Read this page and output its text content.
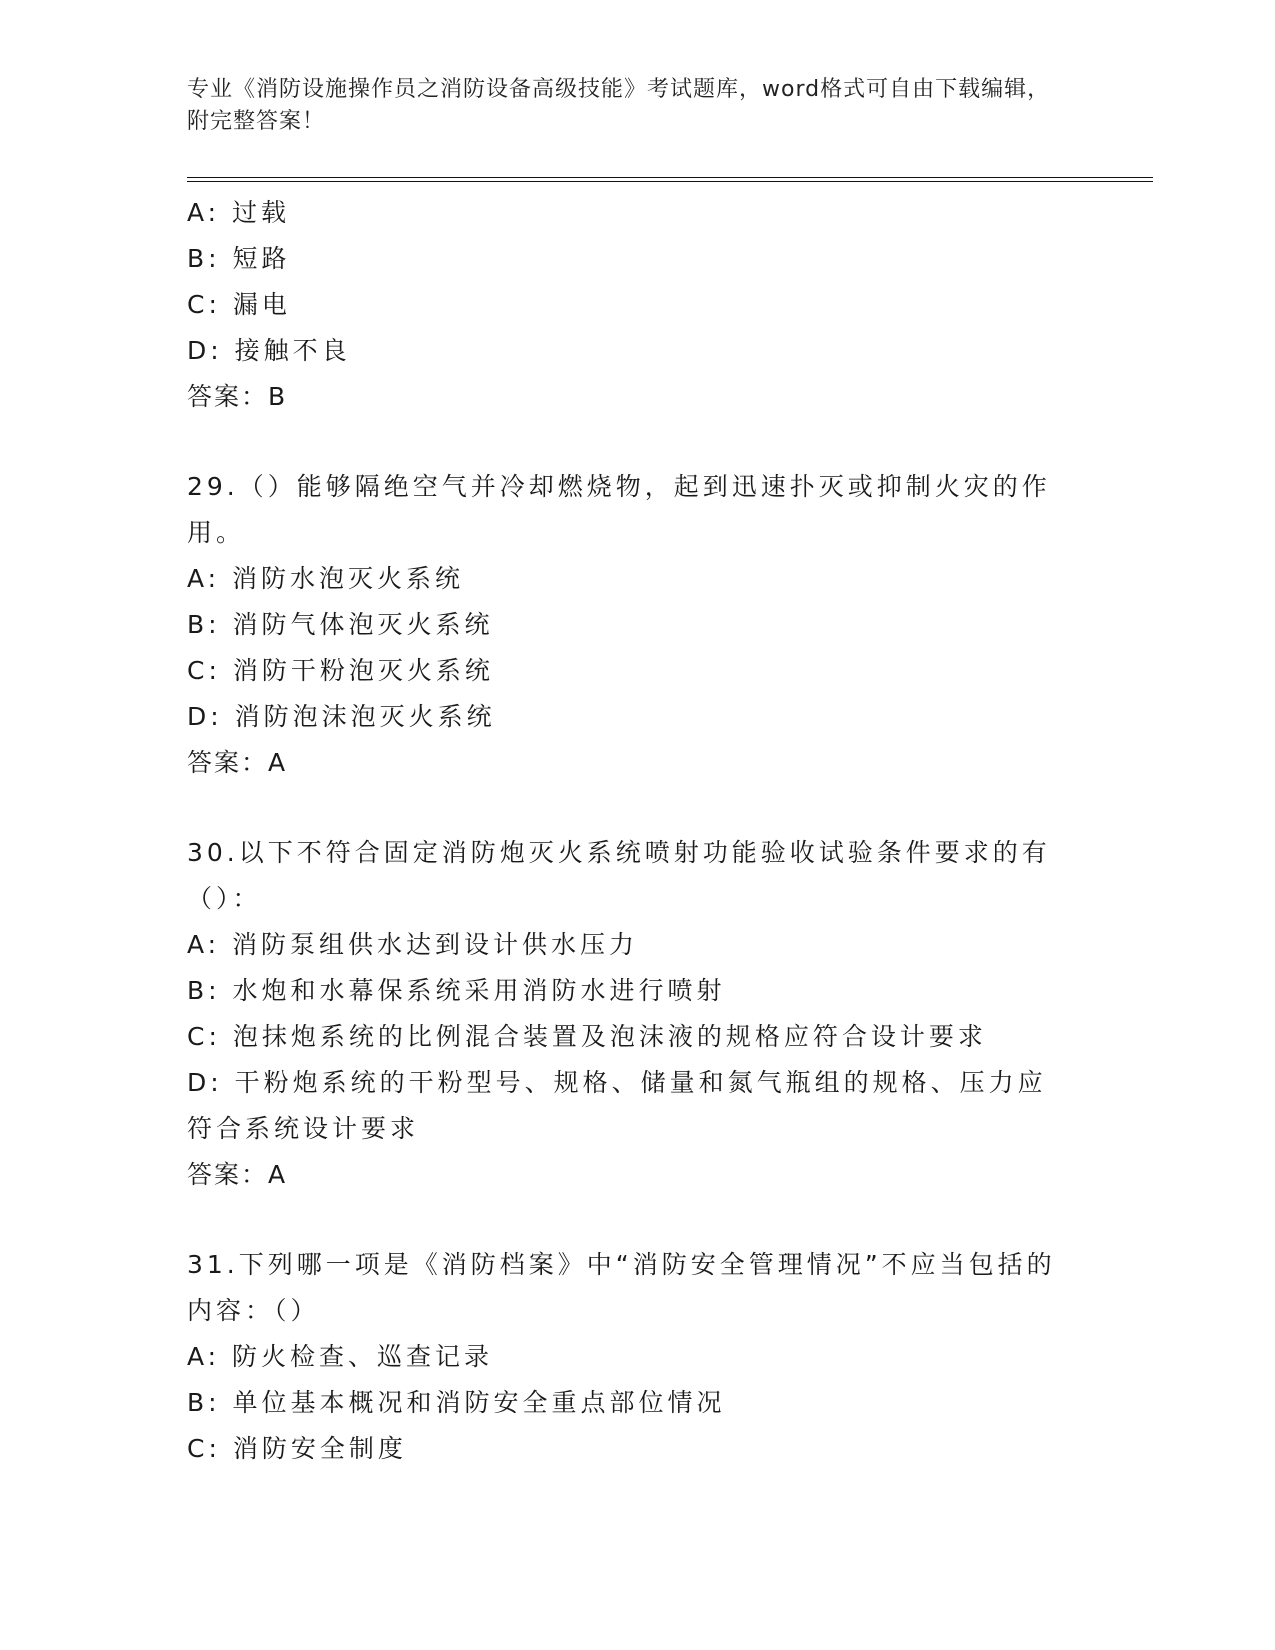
专业《消防设施操作员之消防设备高级技能》考试题库，word格式可自由下载编辑，附完整答案！
A: 过载
B: 短路
C: 漏电
D: 接触不良
答案：B
29.（）能够隔绝空气并冷却燃烧物，起到迅速扑灭或抑制火灾的作用。
A: 消防水泡灭火系统
B: 消防气体泡灭火系统
C: 消防干粉泡灭火系统
D: 消防泡沫泡灭火系统
答案：A
30.以下不符合固定消防炮灭火系统喷射功能验收试验条件要求的有（）：
A: 消防泵组供水达到设计供水压力
B: 水炮和水幕保系统采用消防水进行喷射
C: 泡抹炮系统的比例混合装置及泡沫液的规格应符合设计要求
D: 干粉炮系统的干粉型号、规格、储量和氮气瓶组的规格、压力应符合系统设计要求
答案：A
31.下列哪一项是《消防档案》中“消防安全管理情况”不应当包括的内容：（）
A: 防火检查、巡查记录
B: 单位基本概况和消防安全重点部位情况
C: 消防安全制度
